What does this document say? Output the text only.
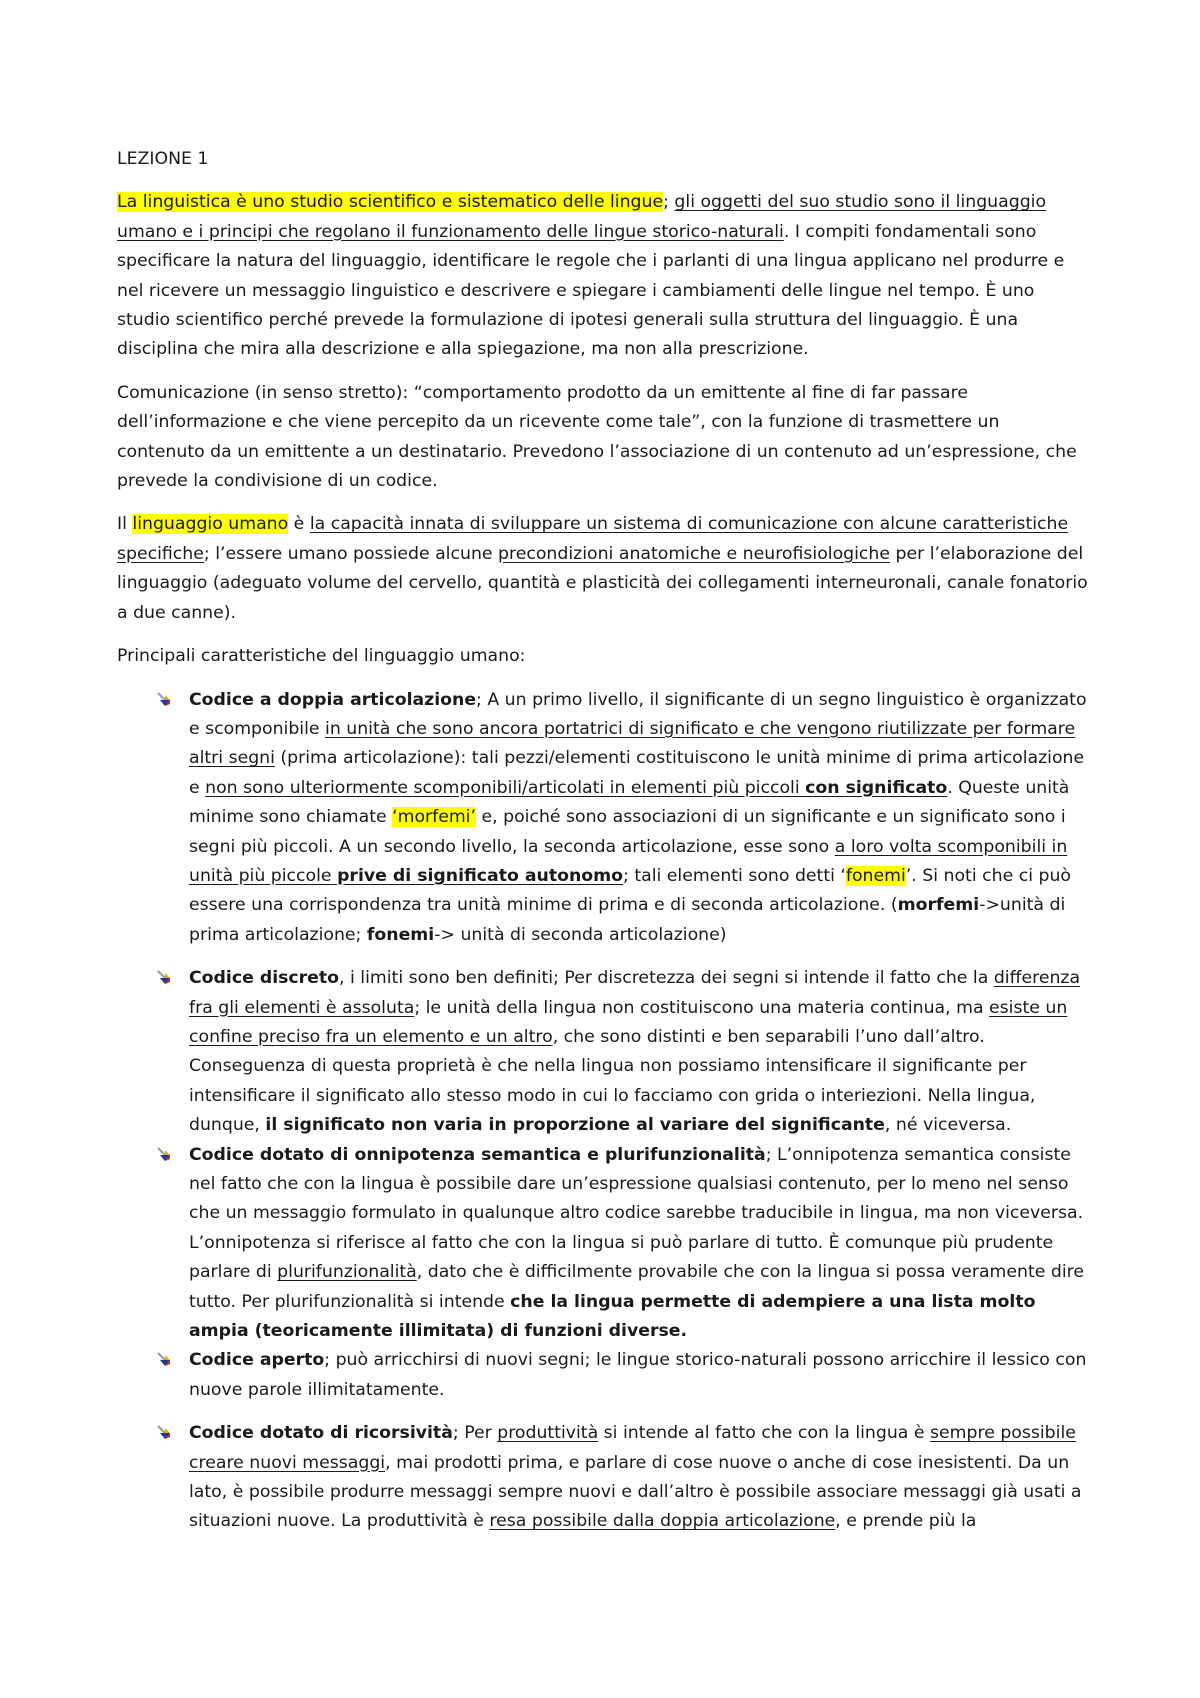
LEZIONE 1

La linguistica è uno studio scientifico e sistematico delle lingue; gli oggetti del suo studio sono il linguaggio umano e i principi che regolano il funzionamento delle lingue storico-naturali. I compiti fondamentali sono specificare la natura del linguaggio, identificare le regole che i parlanti di una lingua applicano nel produrre e nel ricevere un messaggio linguistico e descrivere e spiegare i cambiamenti delle lingue nel tempo. È uno studio scientifico perché prevede la formulazione di ipotesi generali sulla struttura del linguaggio. È una disciplina che mira alla descrizione e alla spiegazione, ma non alla prescrizione.

Comunicazione (in senso stretto): “comportamento prodotto da un emittente al fine di far passare dell’informazione e che viene percepito da un ricevente come tale”, con la funzione di trasmettere un contenuto da un emittente a un destinatario. Prevedono l’associazione di un contenuto ad un’espressione, che prevede la condivisione di un codice.

Il linguaggio umano è la capacità innata di sviluppare un sistema di comunicazione con alcune caratteristiche specifiche; l’essere umano possiede alcune precondizioni anatomiche e neurofisiologiche per l’elaborazione del linguaggio (adeguato volume del cervello, quantità e plasticità dei collegamenti interneuronali, canale fonatorio a due canne).

Principali caratteristiche del linguaggio umano:

Codice a doppia articolazione; A un primo livello, il significante di un segno linguistico è organizzato e scomponibile in unità che sono ancora portatrici di significato e che vengono riutilizzate per formare altri segni (prima articolazione): tali pezzi/elementi costituiscono le unità minime di prima articolazione e non sono ulteriormente scomponibili/articolati in elementi più piccoli con significato. Queste unità minime sono chiamate ‘morfemi’ e, poiché sono associazioni di un significante e un significato sono i segni più piccoli. A un secondo livello, la seconda articolazione, esse sono a loro volta scomponibili in unità più piccole prive di significato autonomo; tali elementi sono detti ‘fonemi’. Si noti che ci può essere una corrispondenza tra unità minime di prima e di seconda articolazione. (morfemi->unità di prima articolazione; fonemi-> unità di seconda articolazione)
Codice discreto, i limiti sono ben definiti; Per discretezza dei segni si intende il fatto che la differenza fra gli elementi è assoluta; le unità della lingua non costituiscono una materia continua, ma esiste un confine preciso fra un elemento e un altro, che sono distinti e ben separabili l’uno dall’altro. Conseguenza di questa proprietà è che nella lingua non possiamo intensificare il significante per intensificare il significato allo stesso modo in cui lo facciamo con grida o interiezioni. Nella lingua, dunque, il significato non varia in proporzione al variare del significante, né viceversa.
Codice dotato di onnipotenza semantica e plurifunzionalità; L’onnipotenza semantica consiste nel fatto che con la lingua è possibile dare un’espressione qualsiasi contenuto, per lo meno nel senso che un messaggio formulato in qualunque altro codice sarebbe traducibile in lingua, ma non viceversa. L’onnipotenza si riferisce al fatto che con la lingua si può parlare di tutto. È comunque più prudente parlare di plurifunzionalità, dato che è difficilmente provabile che con la lingua si possa veramente dire tutto. Per plurifunzionalità si intende che la lingua permette di adempiere a una lista molto ampia (teoricamente illimitata) di funzioni diverse.
Codice aperto; può arricchirsi di nuovi segni; le lingue storico-naturali possono arricchire il lessico con nuove parole illimitatamente.
Codice dotato di ricorsività; Per produttività si intende al fatto che con la lingua è sempre possibile creare nuovi messaggi, mai prodotti prima, e parlare di cose nuove o anche di cose inesistenti. Da un lato, è possibile produrre messaggi sempre nuovi e dall’altro è possibile associare messaggi già usati a situazioni nuove. La produttività è resa possibile dalla doppia articolazione, e prende più la
